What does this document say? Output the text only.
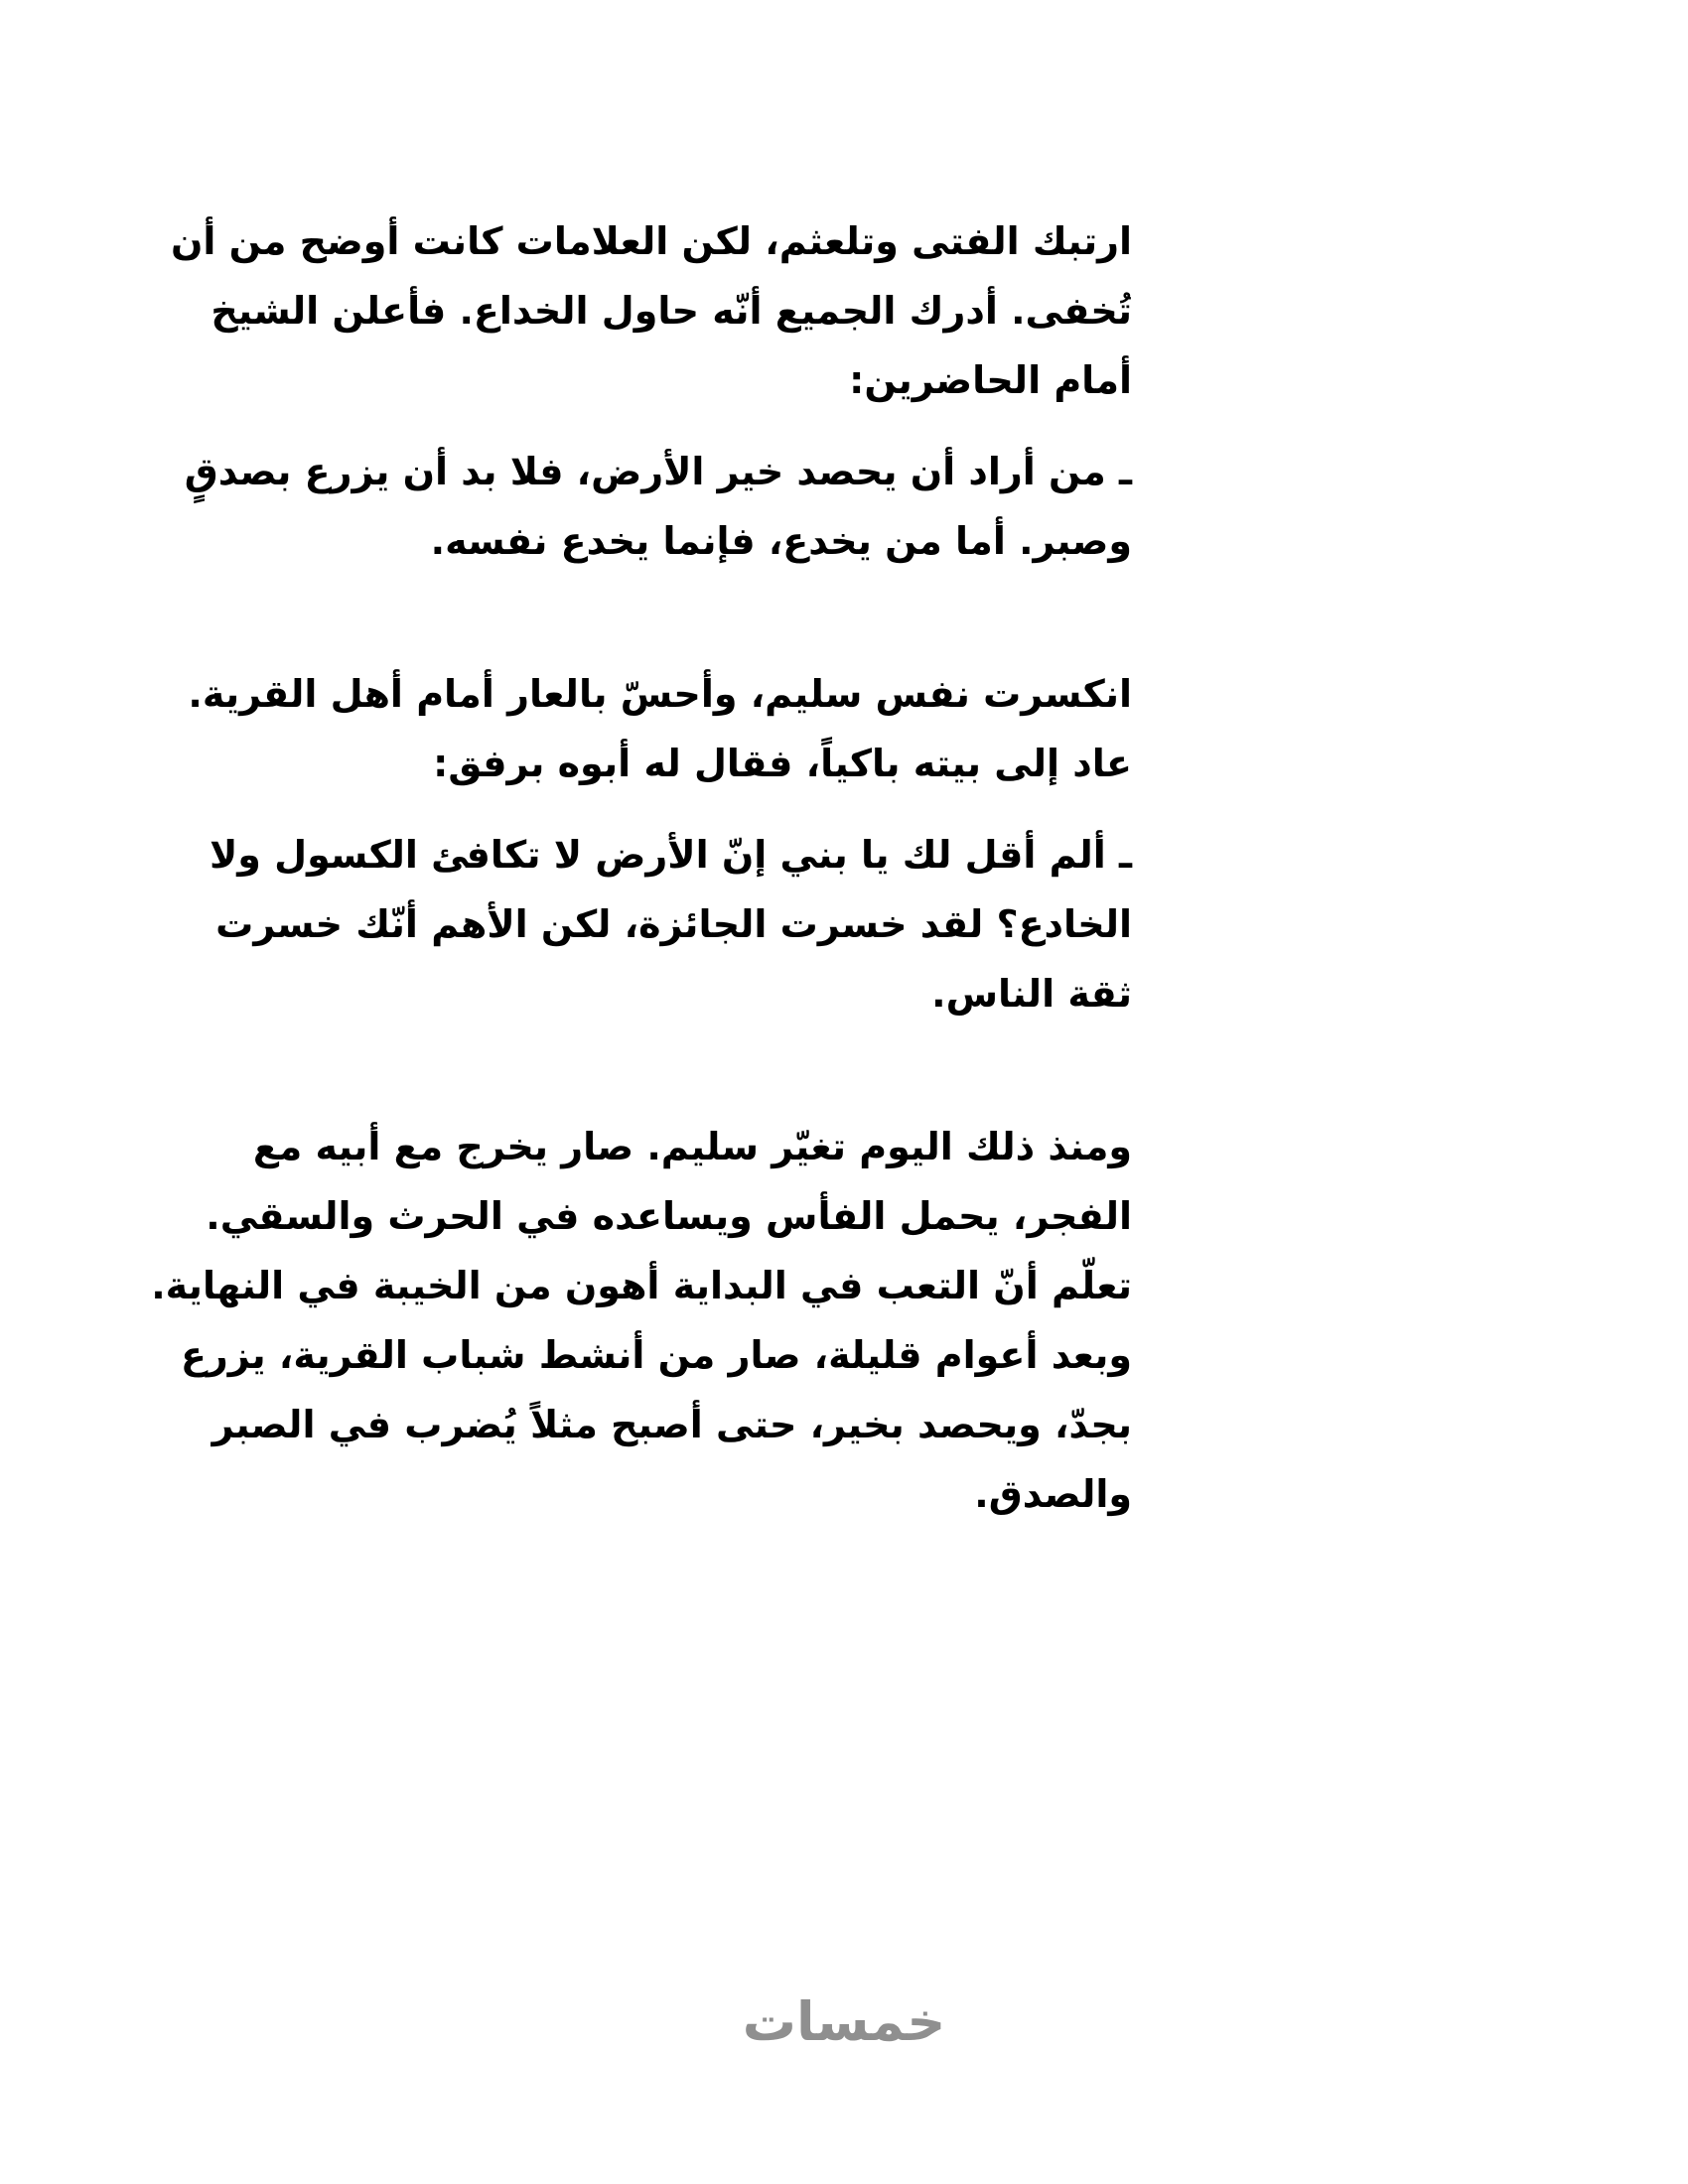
ارتبك الفتى وتلعثم، لكن العلامات كانت أوضح من أن تُخفى. أدرك الجميع أنّه حاول الخداع. فأعلن الشيخ أمام الحاضرين:

ـ من أراد أن يحصد خير الأرض، فلا بد أن يزرع بصدقٍ وصبر. أما من يخدع، فإنما يخدع نفسه.

انكسرت نفس سليم، وأحسّ بالعار أمام أهل القرية. عاد إلى بيته باكياً، فقال له أبوه برفق:

ـ ألم أقل لك يا بني إنّ الأرض لا تكافئ الكسول ولا الخادع؟ لقد خسرت الجائزة، لكن الأهم أنّك خسرت ثقة الناس.

ومنذ ذلك اليوم تغيّر سليم. صار يخرج مع أبيه مع الفجر، يحمل الفأس ويساعده في الحرث والسقي. تعلّم أنّ التعب في البداية أهون من الخيبة في النهاية. وبعد أعوام قليلة، صار من أنشط شباب القرية، يزرع بجدّ، ويحصد بخير، حتى أصبح مثلاً يُضرب في الصبر والصدق.

خمسات
